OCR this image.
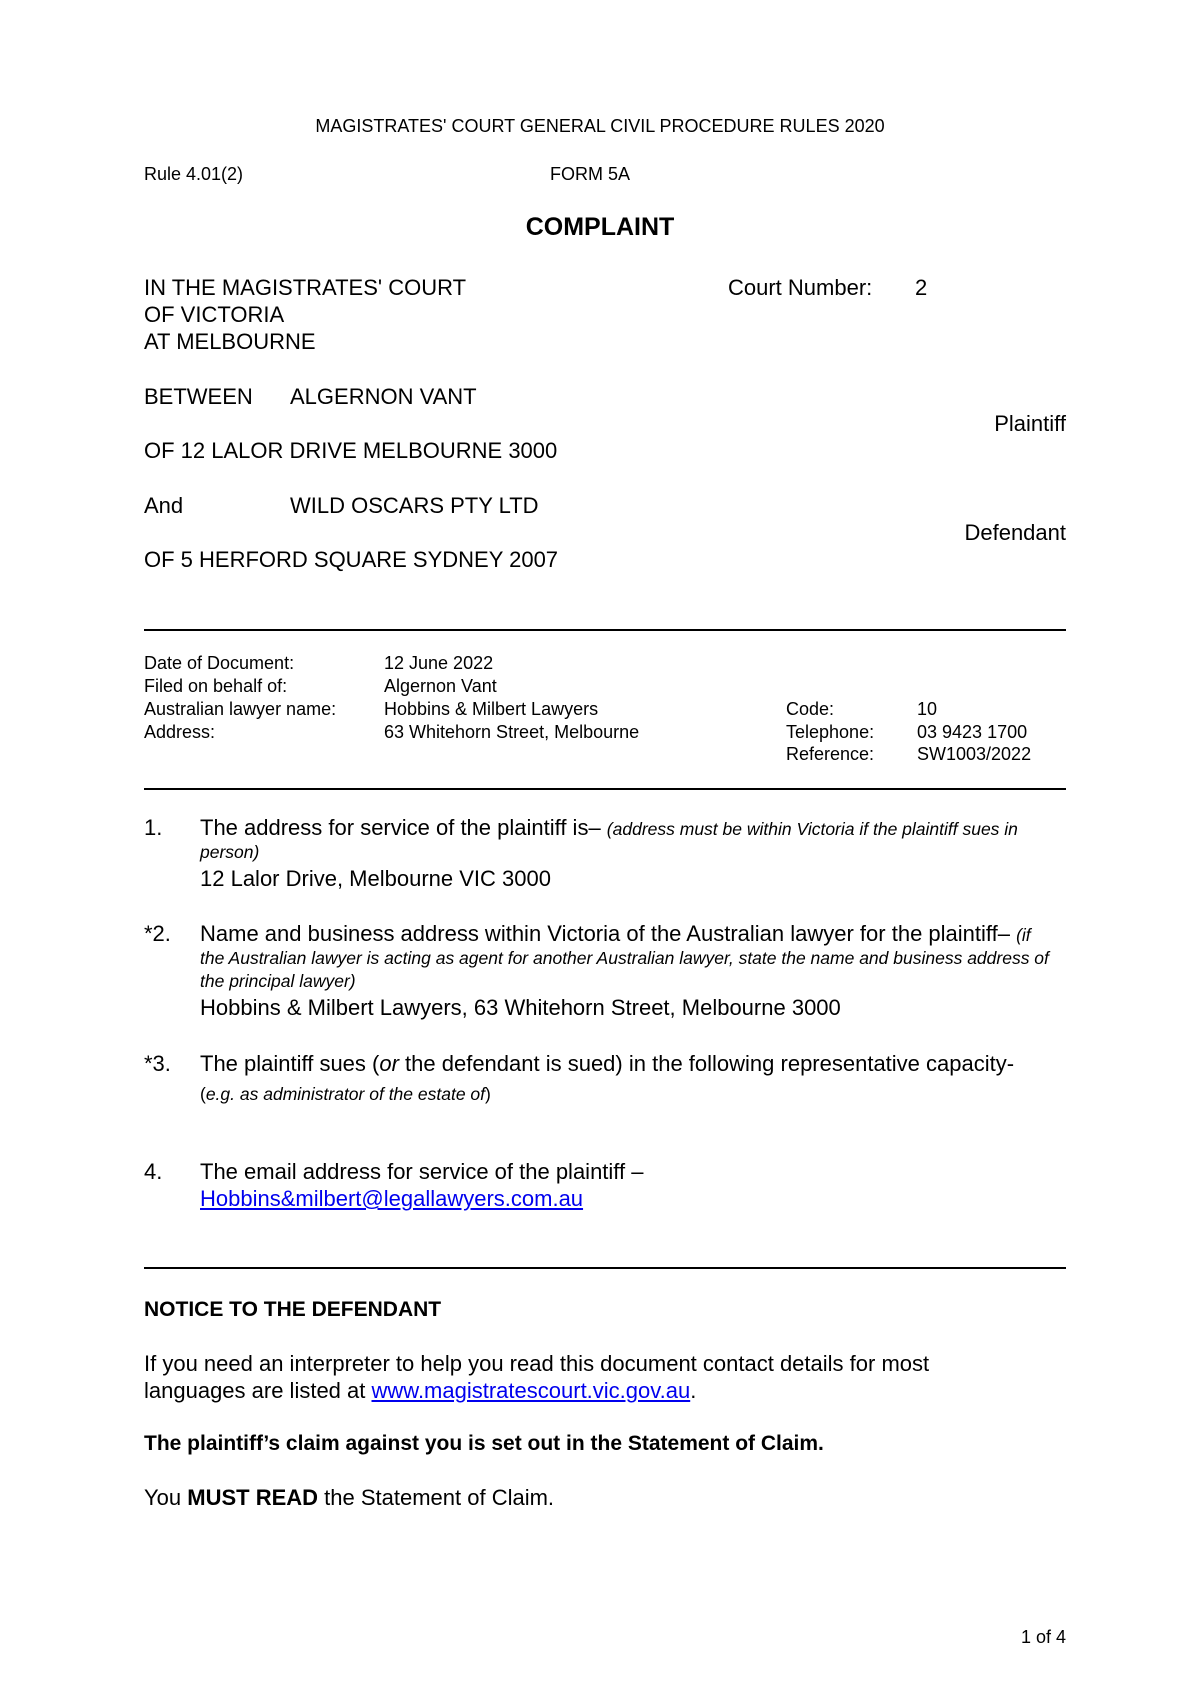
MAGISTRATES' COURT GENERAL CIVIL PROCEDURE RULES 2020
Rule 4.01(2)	FORM 5A
COMPLAINT
IN THE MAGISTRATES' COURT
OF VICTORIA
AT MELBOURNE
Court Number: 2
BETWEEN ALGERNON VANT
Plaintiff
OF 12 LALOR DRIVE MELBOURNE 3000
And	WILD OSCARS PTY LTD
Defendant
OF 5 HERFORD SQUARE SYDNEY 2007
Date of Document:	12 June 2022
Filed on behalf of:	Algernon Vant
Australian lawyer name:	Hobbins & Milbert Lawyers
Address:	63 Whitehorn Street, Melbourne
Code:	10
Telephone: 03 9423 1700
Reference: SW1003/2022
1. The address for service of the plaintiff is– (address must be within Victoria if the plaintiff sues in person)
12 Lalor Drive, Melbourne VIC 3000
*2. Name and business address within Victoria of the Australian lawyer for the plaintiff– (if the Australian lawyer is acting as agent for another Australian lawyer, state the name and business address of the principal lawyer)
Hobbins & Milbert Lawyers, 63 Whitehorn Street, Melbourne 3000
*3. The plaintiff sues (or the defendant is sued) in the following representative capacity- (e.g. as administrator of the estate of)
4. The email address for service of the plaintiff –
Hobbins&milbert@legallawyers.com.au
NOTICE TO THE DEFENDANT
If you need an interpreter to help you read this document contact details for most languages are listed at www.magistratescourt.vic.gov.au.
The plaintiff’s claim against you is set out in the Statement of Claim.
You MUST READ the Statement of Claim.
1 of 4
